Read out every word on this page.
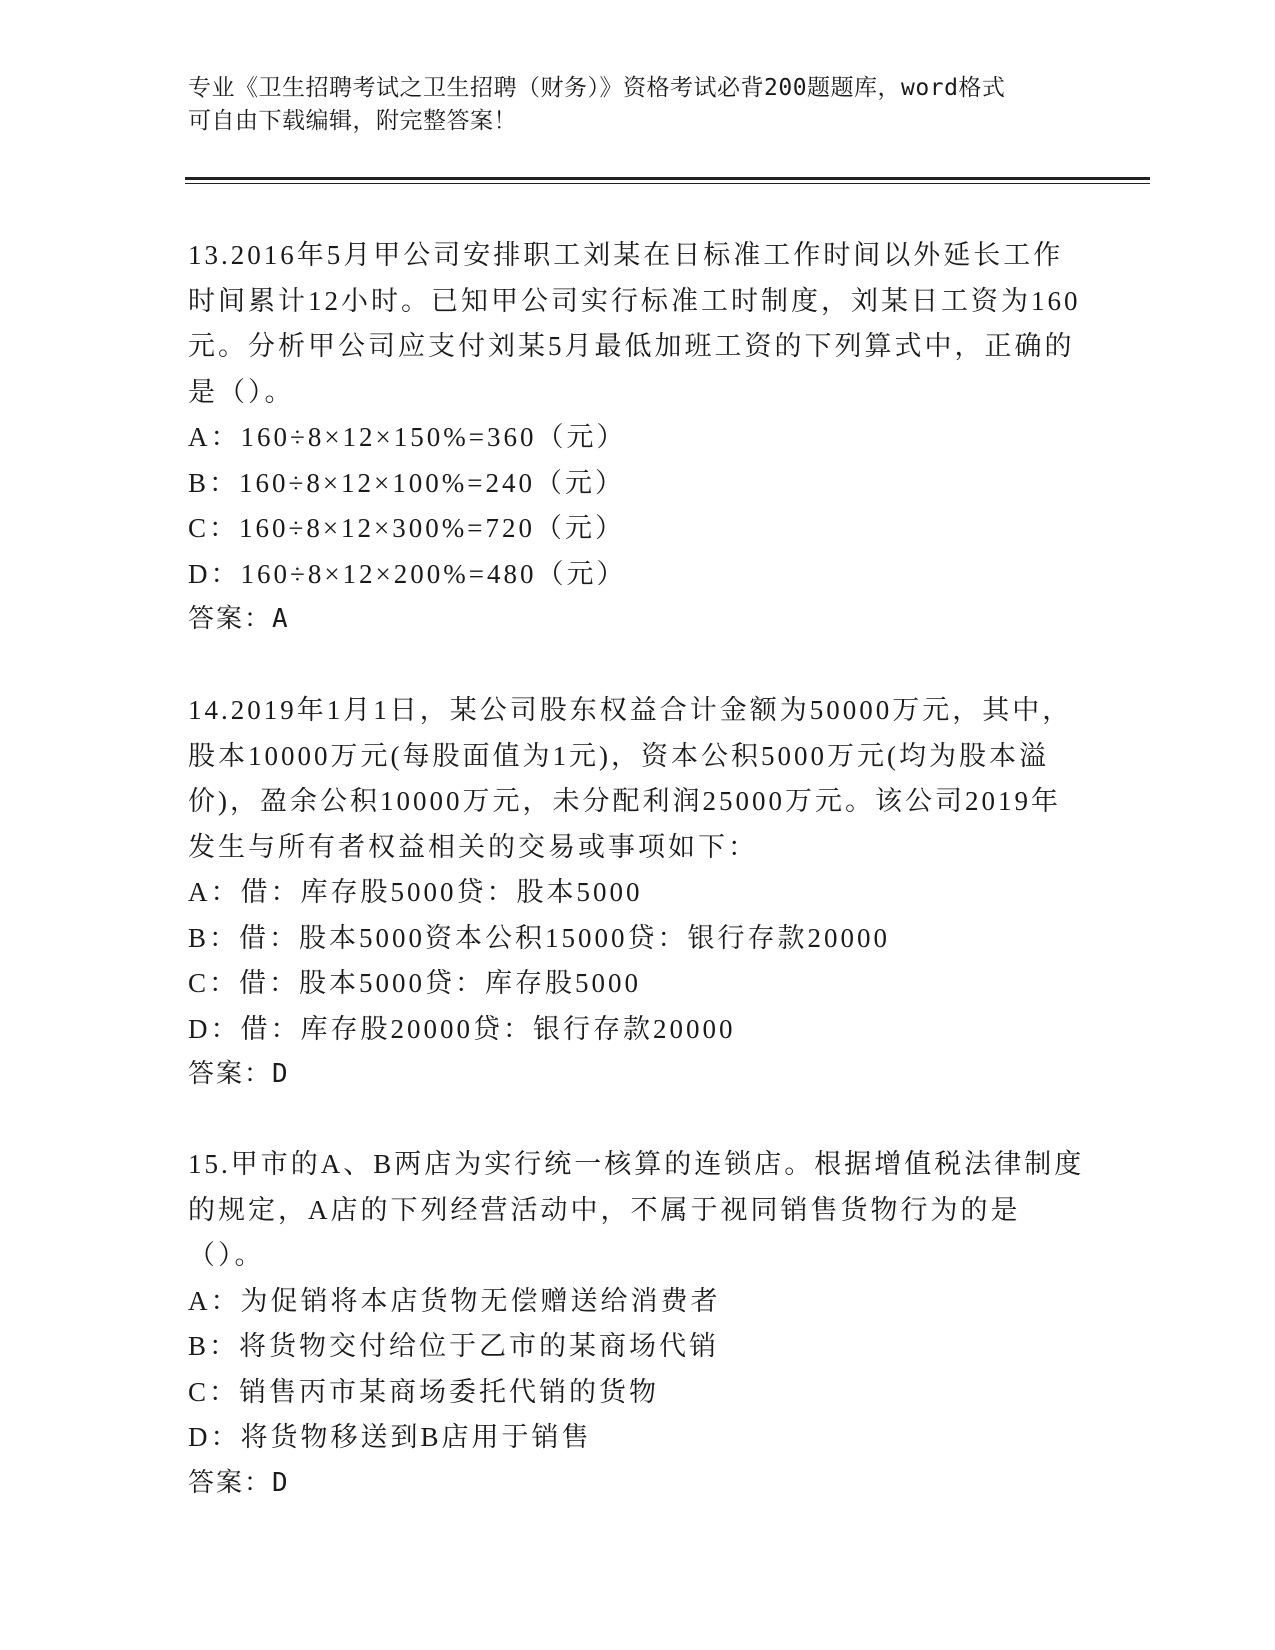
专业《卫生招聘考试之卫生招聘（财务）》资格考试必背200题题库，word格式
可自由下载编辑，附完整答案！

13.2016年5月甲公司安排职工刘某在日标准工作时间以外延长工作时间累计12小时。已知甲公司实行标准工时制度，刘某日工资为160元。分析甲公司应支付刘某5月最低加班工资的下列算式中，正确的是（）。

A：160÷8×12×150%=360（元）

B：160÷8×12×100%=240（元）

C：160÷8×12×300%=720（元）

D：160÷8×12×200%=480（元）

答案：A

14.2019年1月1日，某公司股东权益合计金额为50000万元，其中，股本10000万元(每股面值为1元)，资本公积5000万元(均为股本溢价)，盈余公积10000万元，未分配利润25000万元。该公司2019年发生与所有者权益相关的交易或事项如下：

A：借：库存股5000贷：股本5000

B：借：股本5000资本公积15000贷：银行存款20000

C：借：股本5000贷：库存股5000

D：借：库存股20000贷：银行存款20000

答案：D

15.甲市的A、B两店为实行统一核算的连锁店。根据增值税法律制度的规定，A店的下列经营活动中，不属于视同销售货物行为的是（）。

A：为促销将本店货物无偿赠送给消费者

B：将货物交付给位于乙市的某商场代销

C：销售丙市某商场委托代销的货物

D：将货物移送到B店用于销售

答案：D
